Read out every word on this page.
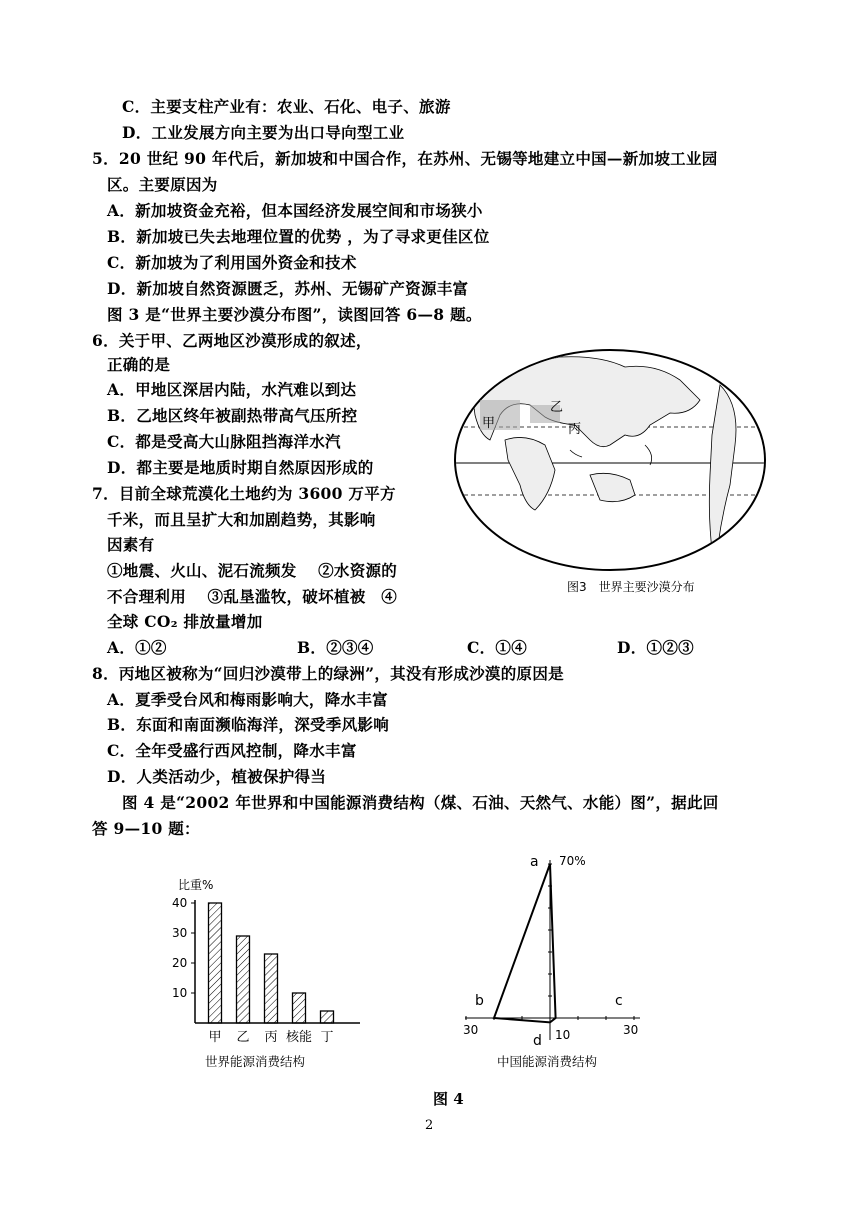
C．主要支柱产业有：农业、石化、电子、旅游
D．工业发展方向主要为出口导向型工业
5．20 世纪 90 年代后，新加坡和中国合作，在苏州、无锡等地建立中国—新加坡工业园
区。主要原因为
A．新加坡资金充裕，但本国经济发展空间和市场狭小
B．新加坡已失去地理位置的优势 ，为了寻求更佳区位
C．新加坡为了利用国外资金和技术
D．新加坡自然资源匮乏，苏州、无锡矿产资源丰富
图 3 是“世界主要沙漠分布图”，读图回答 6—8 题。
6．关于甲、乙两地区沙漠形成的叙述，
正确的是
A．甲地区深居内陆，水汽难以到达
B．乙地区终年被副热带高气压所控
C．都是受高大山脉阻挡海洋水汽
D．都主要是地质时期自然原因形成的
7．目前全球荒漠化土地约为 3600 万平方
千米，而且呈扩大和加剧趋势，其影响
因素有
①地震、火山、泥石流频发　 ②水资源的
不合理利用　 ③乱垦滥牧，破坏植被　④
全球 CO₂ 排放量增加
8．丙地区被称为“回归沙漠带上的绿洲”，其没有形成沙漠的原因是
A．夏季受台风和梅雨影响大，降水丰富
B．东面和南面濒临海洋，深受季风影响
C．全年受盛行西风控制，降水丰富
D．人类活动少，植被保护得当
图 4 是“2002 年世界和中国能源消费结构（煤、石油、天然气、水能）图”，据此回
答 9—10 题：
A．①②	B．②③④	C．①④	D．①②③
甲
乙
丙
图3　世界主要沙漠分布
比重%
10
20
30
40
甲 乙 丙 核能 丁
世界能源消费结构
a 70%
b	c
d
30	30
10
中国能源消费结构
图 4
2
